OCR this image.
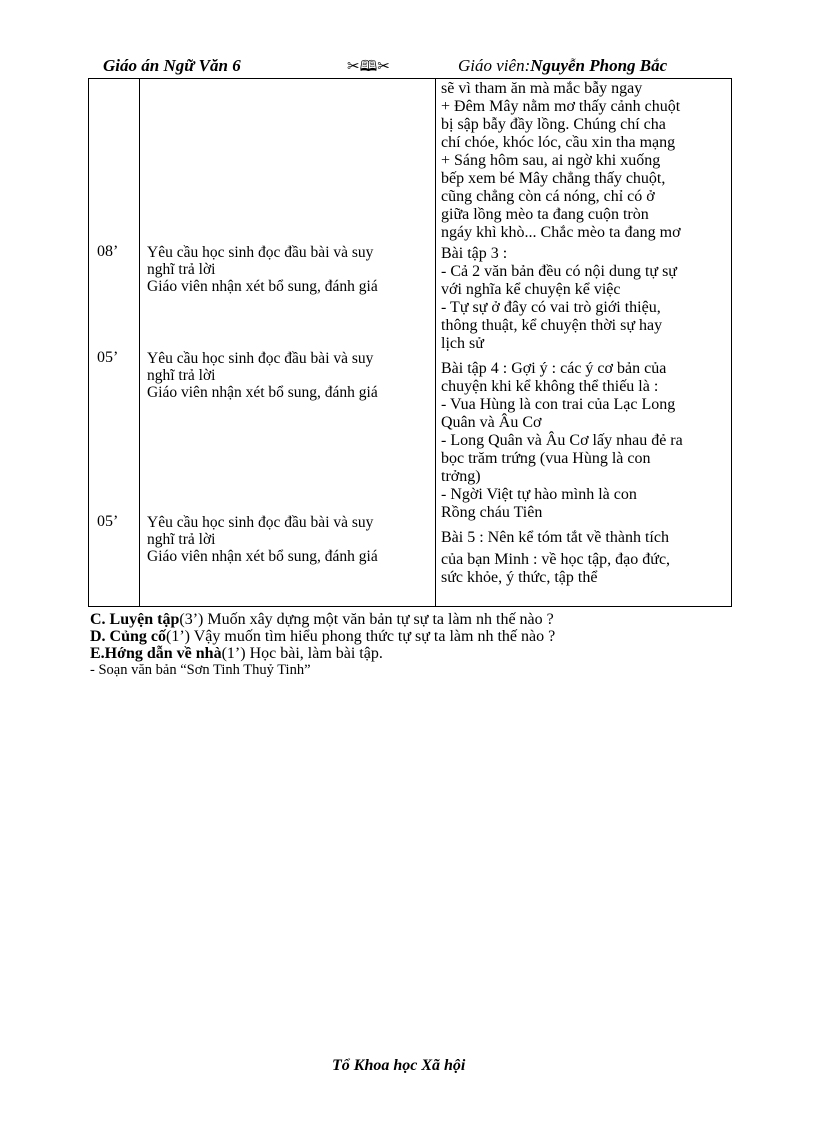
Giáo án Ngữ Văn 6	✂🕮✂	Giáo viên:Nguyễn Phong Bắc
sẽ vì tham ăn mà mắc bẫy ngay
+ Đêm Mây nằm mơ thấy cảnh chuột
bị sập bẫy đầy lồng. Chúng chí cha
chí chóe, khóc lóc, cầu xin tha mạng
+ Sáng hôm sau, ai ngờ khi xuống
bếp xem bé Mây chẳng thấy chuột,
cũng chẳng còn cá nóng, chỉ có ở
giữa lồng mèo ta đang cuộn tròn
ngáy khì khò... Chắc mèo ta đang mơ
08’ Yêu cầu học sinh đọc đầu bài và suy
nghĩ trả lời
Giáo viên nhận xét bổ sung, đánh giá
Bài tập 3 :
- Cả 2 văn bản đều có nội dung tự sự
với nghĩa kể chuyện kể việc
- Tự sự ở đây có vai trò giới thiệu,
thông thuật, kể chuyện thời sự hay
lịch sử
05’ Yêu cầu học sinh đọc đầu bài và suy
nghĩ trả lời
Giáo viên nhận xét bổ sung, đánh giá
Bài tập 4 : Gợi ý : các ý cơ bản của
chuyện khi kể không thể thiếu là :
- Vua Hùng là con trai của Lạc Long
Quân và Âu Cơ
- Long Quân và Âu Cơ lấy nhau đẻ ra
bọc trăm trứng (vua Hùng là con
trởng)
- Ngời Việt tự hào mình là con
Rồng cháu Tiên
05’ Yêu cầu học sinh đọc đầu bài và suy
nghĩ trả lời
Giáo viên nhận xét bổ sung, đánh giá
Bài 5 : Nên kể tóm tắt về thành tích
của bạn Minh : về học tập, đạo đức,
sức khỏe, ý thức, tập thể
C. Luyện tập(3’) Muốn xây dựng một văn bản tự sự ta làm nh thế nào ?
D. Củng cố(1’) Vậy muốn tìm hiểu phong thức tự sự ta làm nh thế nào ?
E.Hớng dẫn về nhà(1’) Học bài, làm bài tập.
- Soạn văn bản “Sơn Tinh Thuỷ Tinh”
Tổ Khoa học Xã hội
